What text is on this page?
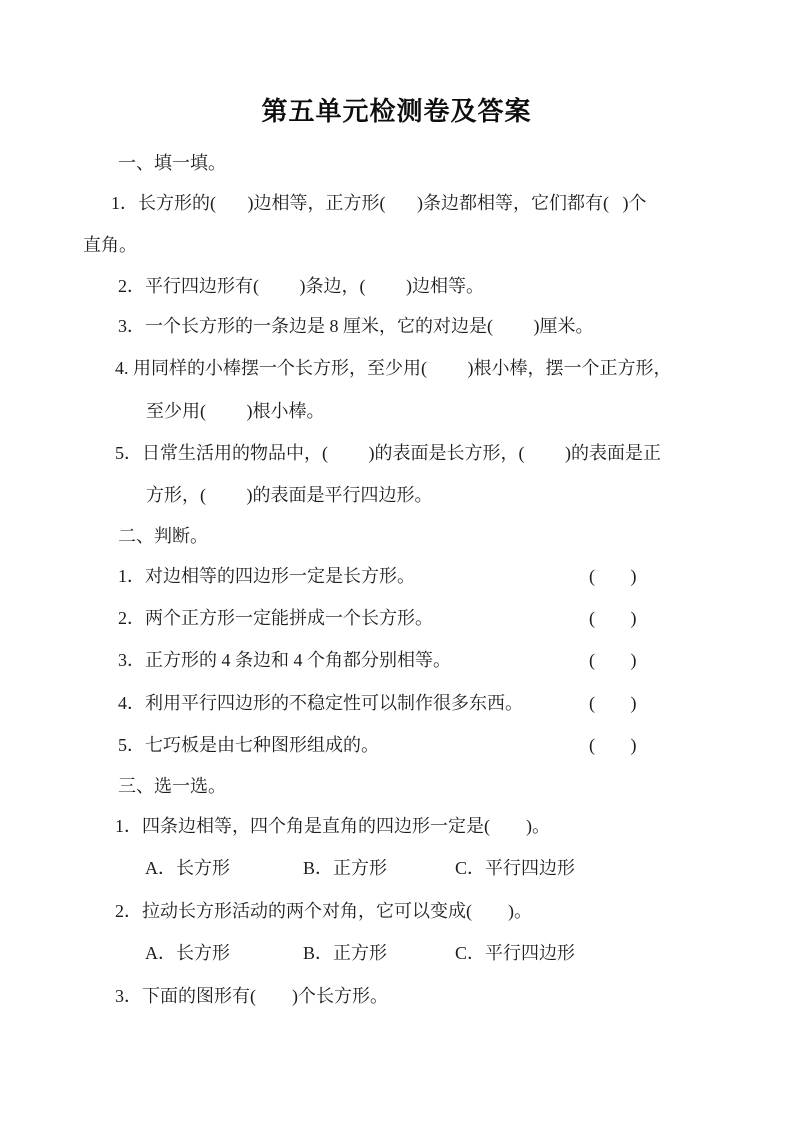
第五单元检测卷及答案
一、填一填。
1．长方形的(       )边相等，正方形(       )条边都相等，它们都有(   )个
直角。
2．平行四边形有(         )条边，(         )边相等。
3．一个长方形的一条边是 8 厘米，它的对边是(         )厘米。
4. 用同样的小棒摆一个长方形，至少用(         )根小棒，摆一个正方形，
至少用(         )根小棒。
5．日常生活用的物品中，(         )的表面是长方形，(         )的表面是正
方形，(         )的表面是平行四边形。
二、判断。
1．对边相等的四边形一定是长方形。	(       )
2．两个正方形一定能拼成一个长方形。	(       )
3．正方形的 4 条边和 4 个角都分别相等。	(       )
4．利用平行四边形的不稳定性可以制作很多东西。	(       )
5．七巧板是由七种图形组成的。	(       )
三、选一选。
1．四条边相等，四个角是直角的四边形一定是(        )。
A．长方形	B．正方形	C．平行四边形
2．拉动长方形活动的两个对角，它可以变成(        )。
A．长方形	B．正方形	C．平行四边形
3．下面的图形有(        )个长方形。
